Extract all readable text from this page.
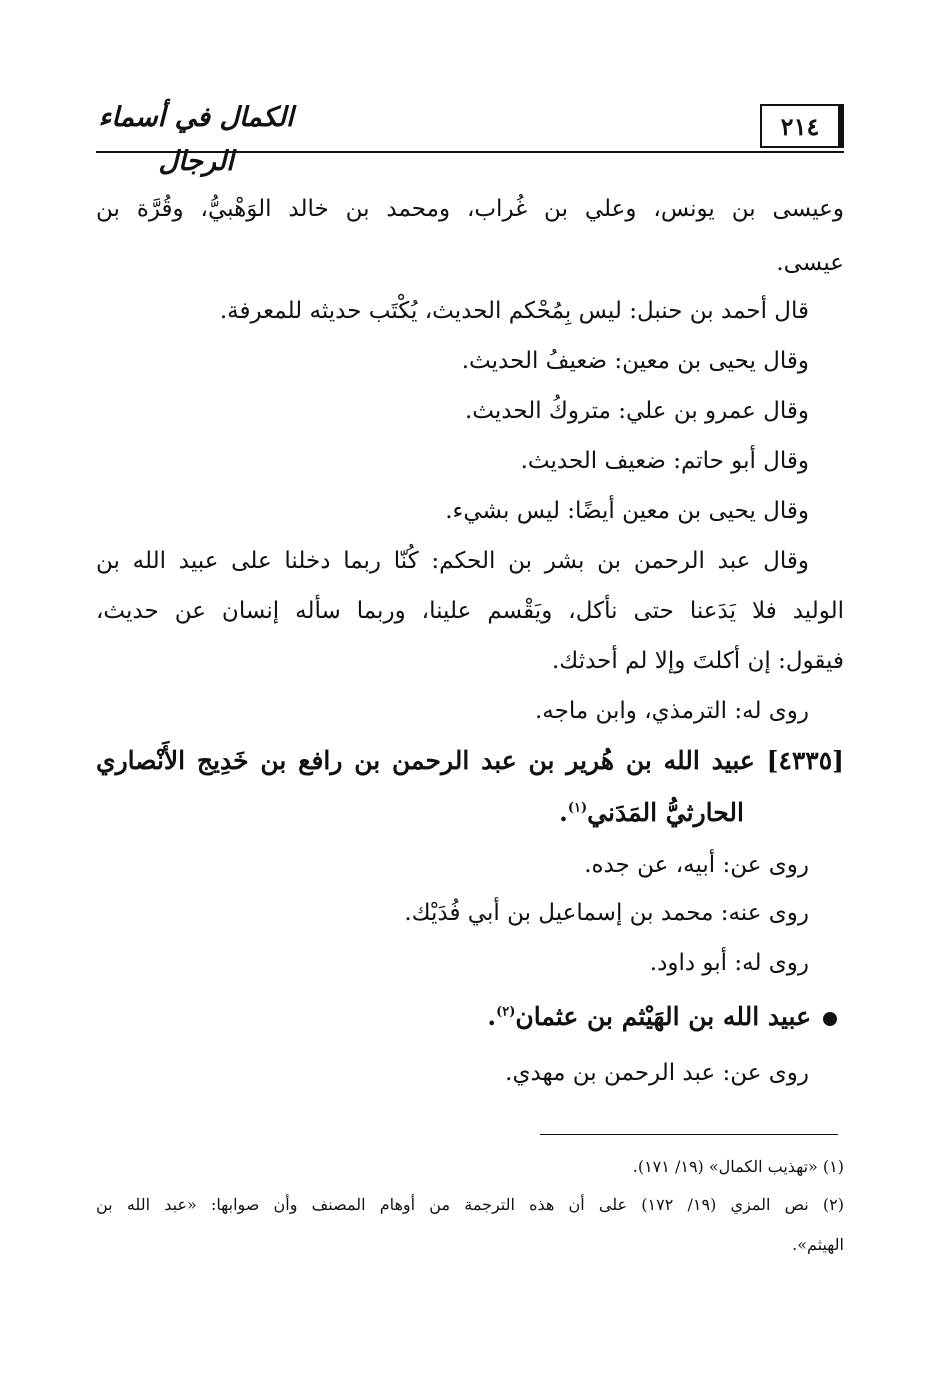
٢١٤
الكمال في أسماء الرجال
وعيسى بن يونس، وعلي بن غُراب، ومحمد بن خالد الوَهْبيُّ، وقُرَّة بن
عيسى.
قال أحمد بن حنبل: ليس بِمُحْكم الحديث، يُكْتَب حديثه للمعرفة.
وقال يحيى بن معين: ضعيفُ الحديث.
وقال عمرو بن علي: متروكُ الحديث.
وقال أبو حاتم: ضعيف الحديث.
وقال يحيى بن معين أيضًا: ليس بشيء.
وقال عبد الرحمن بن بشر بن الحكم: كُنّا ربما دخلنا على عبيد الله بن
الوليد فلا يَدَعنا حتى نأكل، ويَقْسم علينا، وربما سأله إنسان عن حديث،
فيقول: إن أكلتَ وإلا لم أحدثك.
روى له: الترمذي، وابن ماجه.
[٤٣٣٥] عبيد الله بن هُرير بن عبد الرحمن بن رافع بن خَدِيج الأَنْصاري
الحارثيُّ المَدَني$^{(١)}$.
روى عن: أبيه، عن جده.
روى عنه: محمد بن إسماعيل بن أبي فُدَيْك.
روى له: أبو داود.
عبيد الله بن الهَيْثم بن عثمان$^{(٢)}$.
روى عن: عبد الرحمن بن مهدي.
(١) «تهذيب الكمال» (١٩/ ١٧١).
(٢) نص المزي (١٩/ ١٧٢) على أن هذه الترجمة من أوهام المصنف وأن صوابها: «عبد الله بن
الهيثم».
